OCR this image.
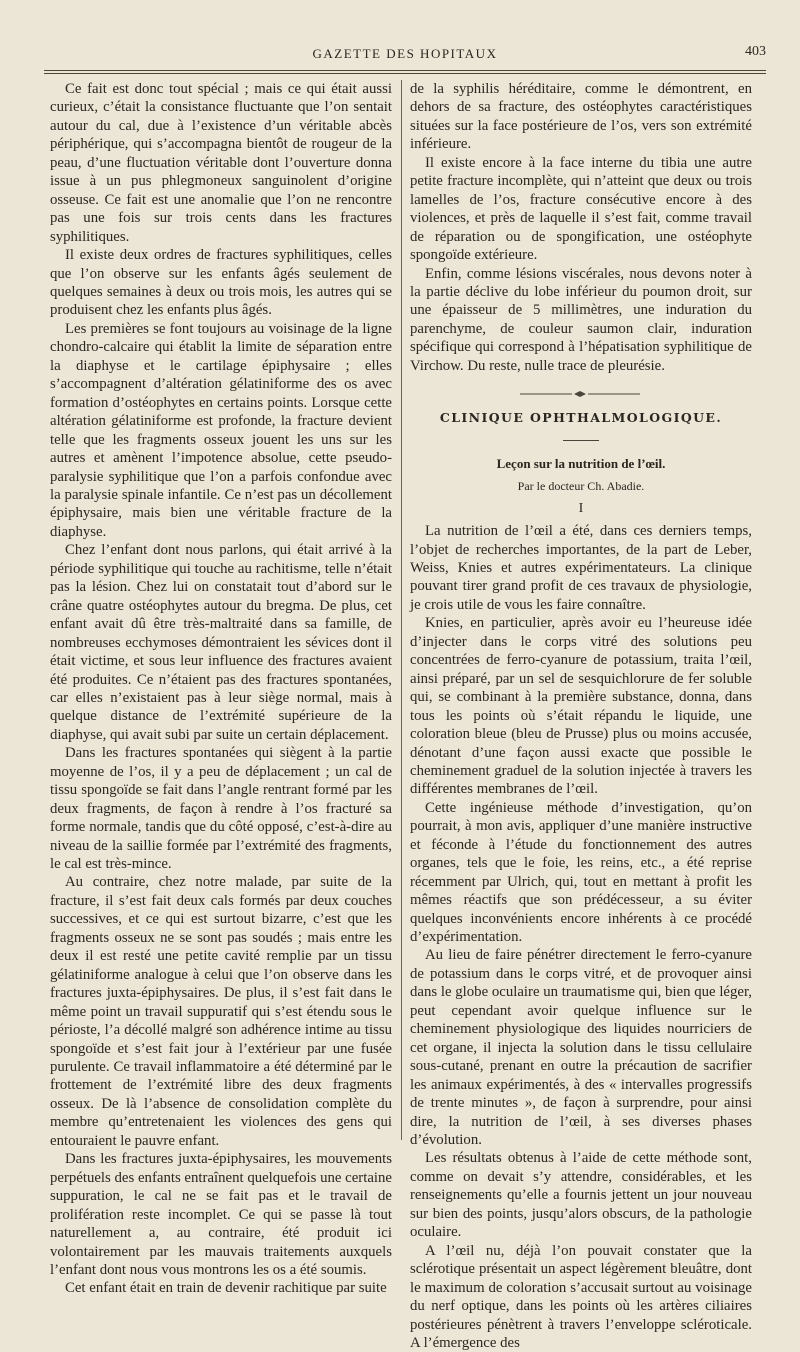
GAZETTE DES HOPITAUX	403

Ce fait est donc tout spécial ; mais ce qui était aussi curieux, c’était la consistance fluctuante que l’on sentait autour du cal, due à l’existence d’un véritable abcès périphérique, qui s’accompagna bientôt de rougeur de la peau, d’une fluctuation véritable dont l’ouverture donna issue à un pus phlegmoneux sanguinolent d’origine osseuse. Ce fait est une anomalie que l’on ne rencontre pas une fois sur trois cents dans les fractures syphilitiques.

Il existe deux ordres de fractures syphilitiques, celles que l’on observe sur les enfants âgés seulement de quelques semaines à deux ou trois mois, les autres qui se produisent chez les enfants plus âgés.

Les premières se font toujours au voisinage de la ligne chondro-calcaire qui établit la limite de séparation entre la diaphyse et le cartilage épiphysaire ; elles s’accompagnent d’altération gélatiniforme des os avec formation d’ostéophytes en certains points. Lorsque cette altération gélatiniforme est profonde, la fracture devient telle que les fragments osseux jouent les uns sur les autres et amènent l’impotence absolue, cette pseudo-paralysie syphilitique que l’on a parfois confondue avec la paralysie spinale infantile. Ce n’est pas un décollement épiphysaire, mais bien une véritable fracture de la diaphyse.

Chez l’enfant dont nous parlons, qui était arrivé à la période syphilitique qui touche au rachitisme, telle n’était pas la lésion. Chez lui on constatait tout d’abord sur le crâne quatre ostéophytes autour du bregma. De plus, cet enfant avait dû être très-maltraité dans sa famille, de nombreuses ecchymoses démontraient les sévices dont il était victime, et sous leur influence des fractures avaient été produites. Ce n’étaient pas des fractures spontanées, car elles n’existaient pas à leur siège normal, mais à quelque distance de l’extrémité supérieure de la diaphyse, qui avait subi par suite un certain déplacement.

Dans les fractures spontanées qui siègent à la partie moyenne de l’os, il y a peu de déplacement ; un cal de tissu spongoïde se fait dans l’angle rentrant formé par les deux fragments, de façon à rendre à l’os fracturé sa forme normale, tandis que du côté opposé, c’est-à-dire au niveau de la saillie formée par l’extrémité des fragments, le cal est très-mince.

Au contraire, chez notre malade, par suite de la fracture, il s’est fait deux cals formés par deux couches successives, et ce qui est surtout bizarre, c’est que les fragments osseux ne se sont pas soudés ; mais entre les deux il est resté une petite cavité remplie par un tissu gélatiniforme analogue à celui que l’on observe dans les fractures juxta-épiphysaires. De plus, il s’est fait dans le même point un travail suppuratif qui s’est étendu sous le périoste, l’a décollé malgré son adhérence intime au tissu spongoïde et s’est fait jour à l’extérieur par une fusée purulente. Ce travail inflammatoire a été déterminé par le frottement de l’extrémité libre des deux fragments osseux. De là l’absence de consolidation complète du membre qu’entretenaient les violences des gens qui entouraient le pauvre enfant.

Dans les fractures juxta-épiphysaires, les mouvements perpétuels des enfants entraînent quelquefois une certaine suppuration, le cal ne se fait pas et le travail de prolifération reste incomplet. Ce qui se passe là tout naturellement a, au contraire, été produit ici volontairement par les mauvais traitements auxquels l’enfant dont nous vous montrons les os a été soumis.

Cet enfant était en train de devenir rachitique par suite

de la syphilis héréditaire, comme le démontrent, en dehors de sa fracture, des ostéophytes caractéristiques situées sur la face postérieure de l’os, vers son extrémité inférieure.

Il existe encore à la face interne du tibia une autre petite fracture incomplète, qui n’atteint que deux ou trois lamelles de l’os, fracture consécutive encore à des violences, et près de laquelle il s’est fait, comme travail de réparation ou de spongification, une ostéophyte spongoïde extérieure.

Enfin, comme lésions viscérales, nous devons noter à la partie déclive du lobe inférieur du poumon droit, sur une épaisseur de 5 millimètres, une induration du parenchyme, de couleur saumon clair, induration spécifique qui correspond à l’hépatisation syphilitique de Virchow. Du reste, nulle trace de pleurésie.

CLINIQUE OPHTHALMOLOGIQUE.
Leçon sur la nutrition de l’œil.
Par le docteur Ch. Abadie.
I

La nutrition de l’œil a été, dans ces derniers temps, l’objet de recherches importantes, de la part de Leber, Weiss, Knies et autres expérimentateurs. La clinique pouvant tirer grand profit de ces travaux de physiologie, je crois utile de vous les faire connaître.

Knies, en particulier, après avoir eu l’heureuse idée d’injecter dans le corps vitré des solutions peu concentrées de ferro-cyanure de potassium, traita l’œil, ainsi préparé, par un sel de sesquichlorure de fer soluble qui, se combinant à la première substance, donna, dans tous les points où s’était répandu le liquide, une coloration bleue (bleu de Prusse) plus ou moins accusée, dénotant d’une façon aussi exacte que possible le cheminement graduel de la solution injectée à travers les différentes membranes de l’œil.

Cette ingénieuse méthode d’investigation, qu’on pourrait, à mon avis, appliquer d’une manière instructive et féconde à l’étude du fonctionnement des autres organes, tels que le foie, les reins, etc., a été reprise récemment par Ulrich, qui, tout en mettant à profit les mêmes réactifs que son prédécesseur, a su éviter quelques inconvénients encore inhérents à ce procédé d’expérimentation.

Au lieu de faire pénétrer directement le ferro-cyanure de potassium dans le corps vitré, et de provoquer ainsi dans le globe oculaire un traumatisme qui, bien que léger, peut cependant avoir quelque influence sur le cheminement physiologique des liquides nourriciers de cet organe, il injecta la solution dans le tissu cellulaire sous-cutané, prenant en outre la précaution de sacrifier les animaux expérimentés, à des « intervalles progressifs de trente minutes », de façon à surprendre, pour ainsi dire, la nutrition de l’œil, à ses diverses phases d’évolution.

Les résultats obtenus à l’aide de cette méthode sont, comme on devait s’y attendre, considérables, et les renseignements qu’elle a fournis jettent un jour nouveau sur bien des points, jusqu’alors obscurs, de la pathologie oculaire.

A l’œil nu, déjà l’on pouvait constater que la sclérotique présentait un aspect légèrement bleuâtre, dont le maximum de coloration s’accusait surtout au voisinage du nerf optique, dans les points où les artères ciliaires postérieures pénètrent à travers l’enveloppe scléroticale. A l’émergence des
